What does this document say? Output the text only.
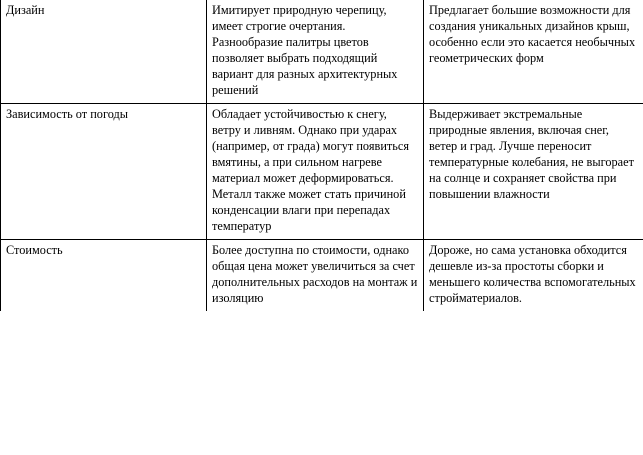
Дизайн	Имитирует природную черепицу, имеет строгие очертания. Разнообразие палитры цветов позволяет выбрать подходящий вариант для разных архитектурных решений	Предлагает большие возможности для создания уникальных дизайнов крыш, особенно если это касается необычных геометрических форм

Зависимость от погоды	Обладает устойчивостью к снегу, ветру и ливням. Однако при ударах (например, от града) могут появиться вмятины, а при сильном нагреве материал может деформироваться. Металл также может стать причиной конденсации влаги при перепадах температур	Выдерживает экстремальные природные явления, включая снег, ветер и град. Лучше переносит температурные колебания, не выгорает на солнце и сохраняет свойства при повышении влажности

Стоимость	Более доступна по стоимости, однако общая цена может увеличиться за счет дополнительных расходов на монтаж и изоляцию	Дороже, но сама установка обходится дешевле из-за простоты сборки и меньшего количества вспомогательных стройматериалов.
